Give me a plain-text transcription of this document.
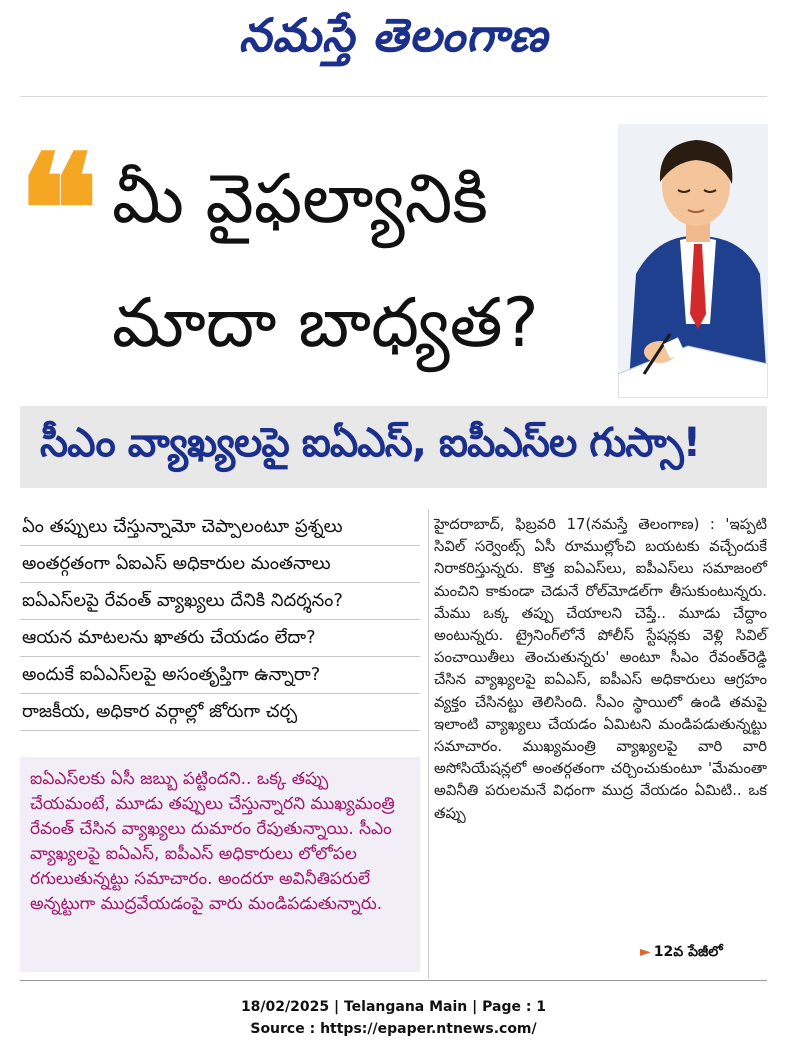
నమస్తే తెలంగాణ
❝ మీ వైఫల్యానికి
మాదా బాధ్యత?
సీఎం వ్యాఖ్యలపై ఐఏఎస్, ఐపీఎస్‌ల గుస్సా!
ఏం తప్పులు చేస్తున్నామో చెప్పాలంటూ ప్రశ్నలు
అంతర్గతంగా ఏఐఎస్ అధికారుల మంతనాలు
ఐఏఎస్‌లపై రేవంత్ వ్యాఖ్యలు దేనికి నిదర్శనం?
ఆయన మాటలను ఖాతరు చేయడం లేదా?
అందుకే ఐఏఎస్‌లపై అసంతృప్తిగా ఉన్నారా?
రాజకీయ, అధికార వర్గాల్లో జోరుగా చర్చ
ఐఏఎస్‌లకు ఏసీ జబ్బు పట్టిందని.. ఒక్క తప్పు చేయమంటే, మూడు తప్పులు చేస్తున్నారని ముఖ్యమంత్రి రేవంత్ చేసిన వ్యాఖ్యలు దుమారం రేపుతున్నాయి. సీఎం వ్యాఖ్యలపై ఐఏఎస్, ఐపీఎస్ అధికారులు లోలోపల రగులుతున్నట్టు సమాచారం. అందరూ అవినీతిపరులే అన్నట్టుగా ముద్రవేయడంపై వారు మండిపడుతున్నారు.
హైదరాబాద్, ఫిబ్రవరి 17(నమస్తే తెలంగాణ) : 'ఇప్పటి సివిల్ సర్వెంట్స్ ఏసీ రూముల్లోంచి బయటకు వచ్చేందుకే నిరాకరిస్తున్నరు. కొత్త ఐఏఎస్‌లు, ఐపీఎస్‌లు సమాజంలో మంచిని కాకుండా చెడునే రోల్‌మోడల్‌గా తీసుకుంటున్నరు. మేము ఒక్క తప్పు చేయాలని చెప్తే.. మూడు చేద్దాం అంటున్నరు. ట్రైనింగ్‌లోనే పోలీస్ స్టేషన్లకు వెళ్లి సివిల్ పంచాయితీలు తెంచుతున్నరు' అంటూ సీఎం రేవంత్‌రెడ్డి చేసిన వ్యాఖ్యలపై ఐఏఎస్, ఐపీఎస్ అధికారులు ఆగ్రహం వ్యక్తం చేసినట్టు తెలిసింది. సీఎం స్థాయిలో ఉండి తమపై ఇలాంటి వ్యాఖ్యలు చేయడం ఏమిటని మండిపడుతున్నట్టు సమాచారం. ముఖ్యమంత్రి వ్యాఖ్యలపై వారి వారి అసోసియేషన్లలో అంతర్గతంగా చర్చించుకుంటూ 'మేమంతా అవినీతి పరులమనే విధంగా ముద్ర వేయడం ఏమిటి.. ఒక తప్పు
► 12వ పేజీలో
18/02/2025 | Telangana Main | Page : 1
Source : https://epaper.ntnews.com/
